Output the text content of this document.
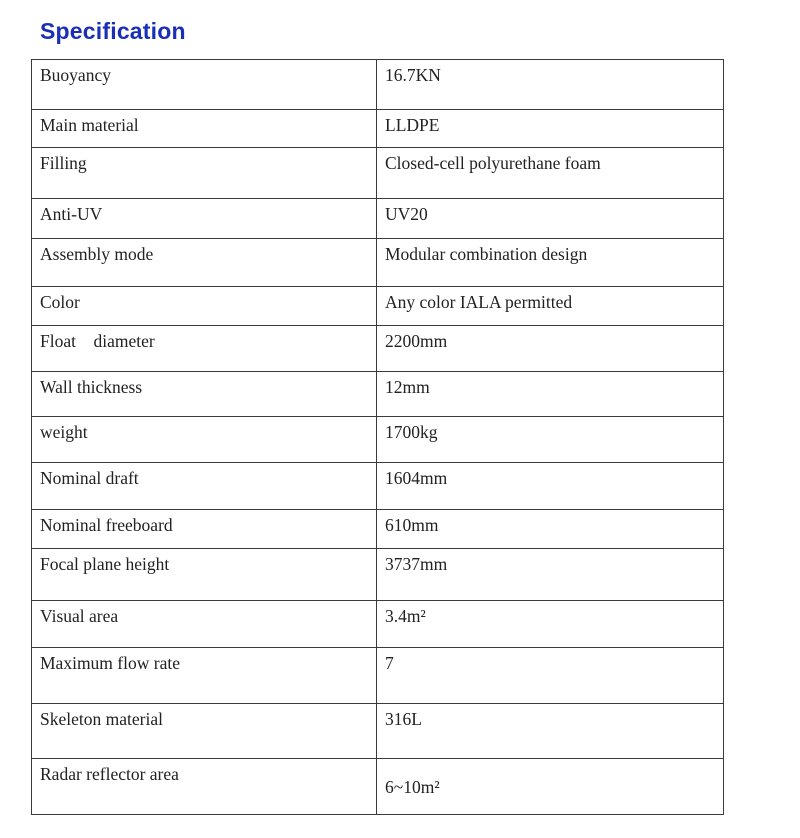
Specification
Buoyancy	16.7KN
Main material	LLDPE
Filling	Closed-cell polyurethane foam
Anti-UV	UV20
Assembly mode	Modular combination design
Color	Any color IALA permitted
Float    diameter	2200mm
Wall thickness	12mm
weight	1700kg
Nominal draft	1604mm
Nominal freeboard	610mm
Focal plane height	3737mm
Visual area	3.4m²
Maximum flow rate	7
Skeleton material	316L
Radar reflector area	6~10m²
